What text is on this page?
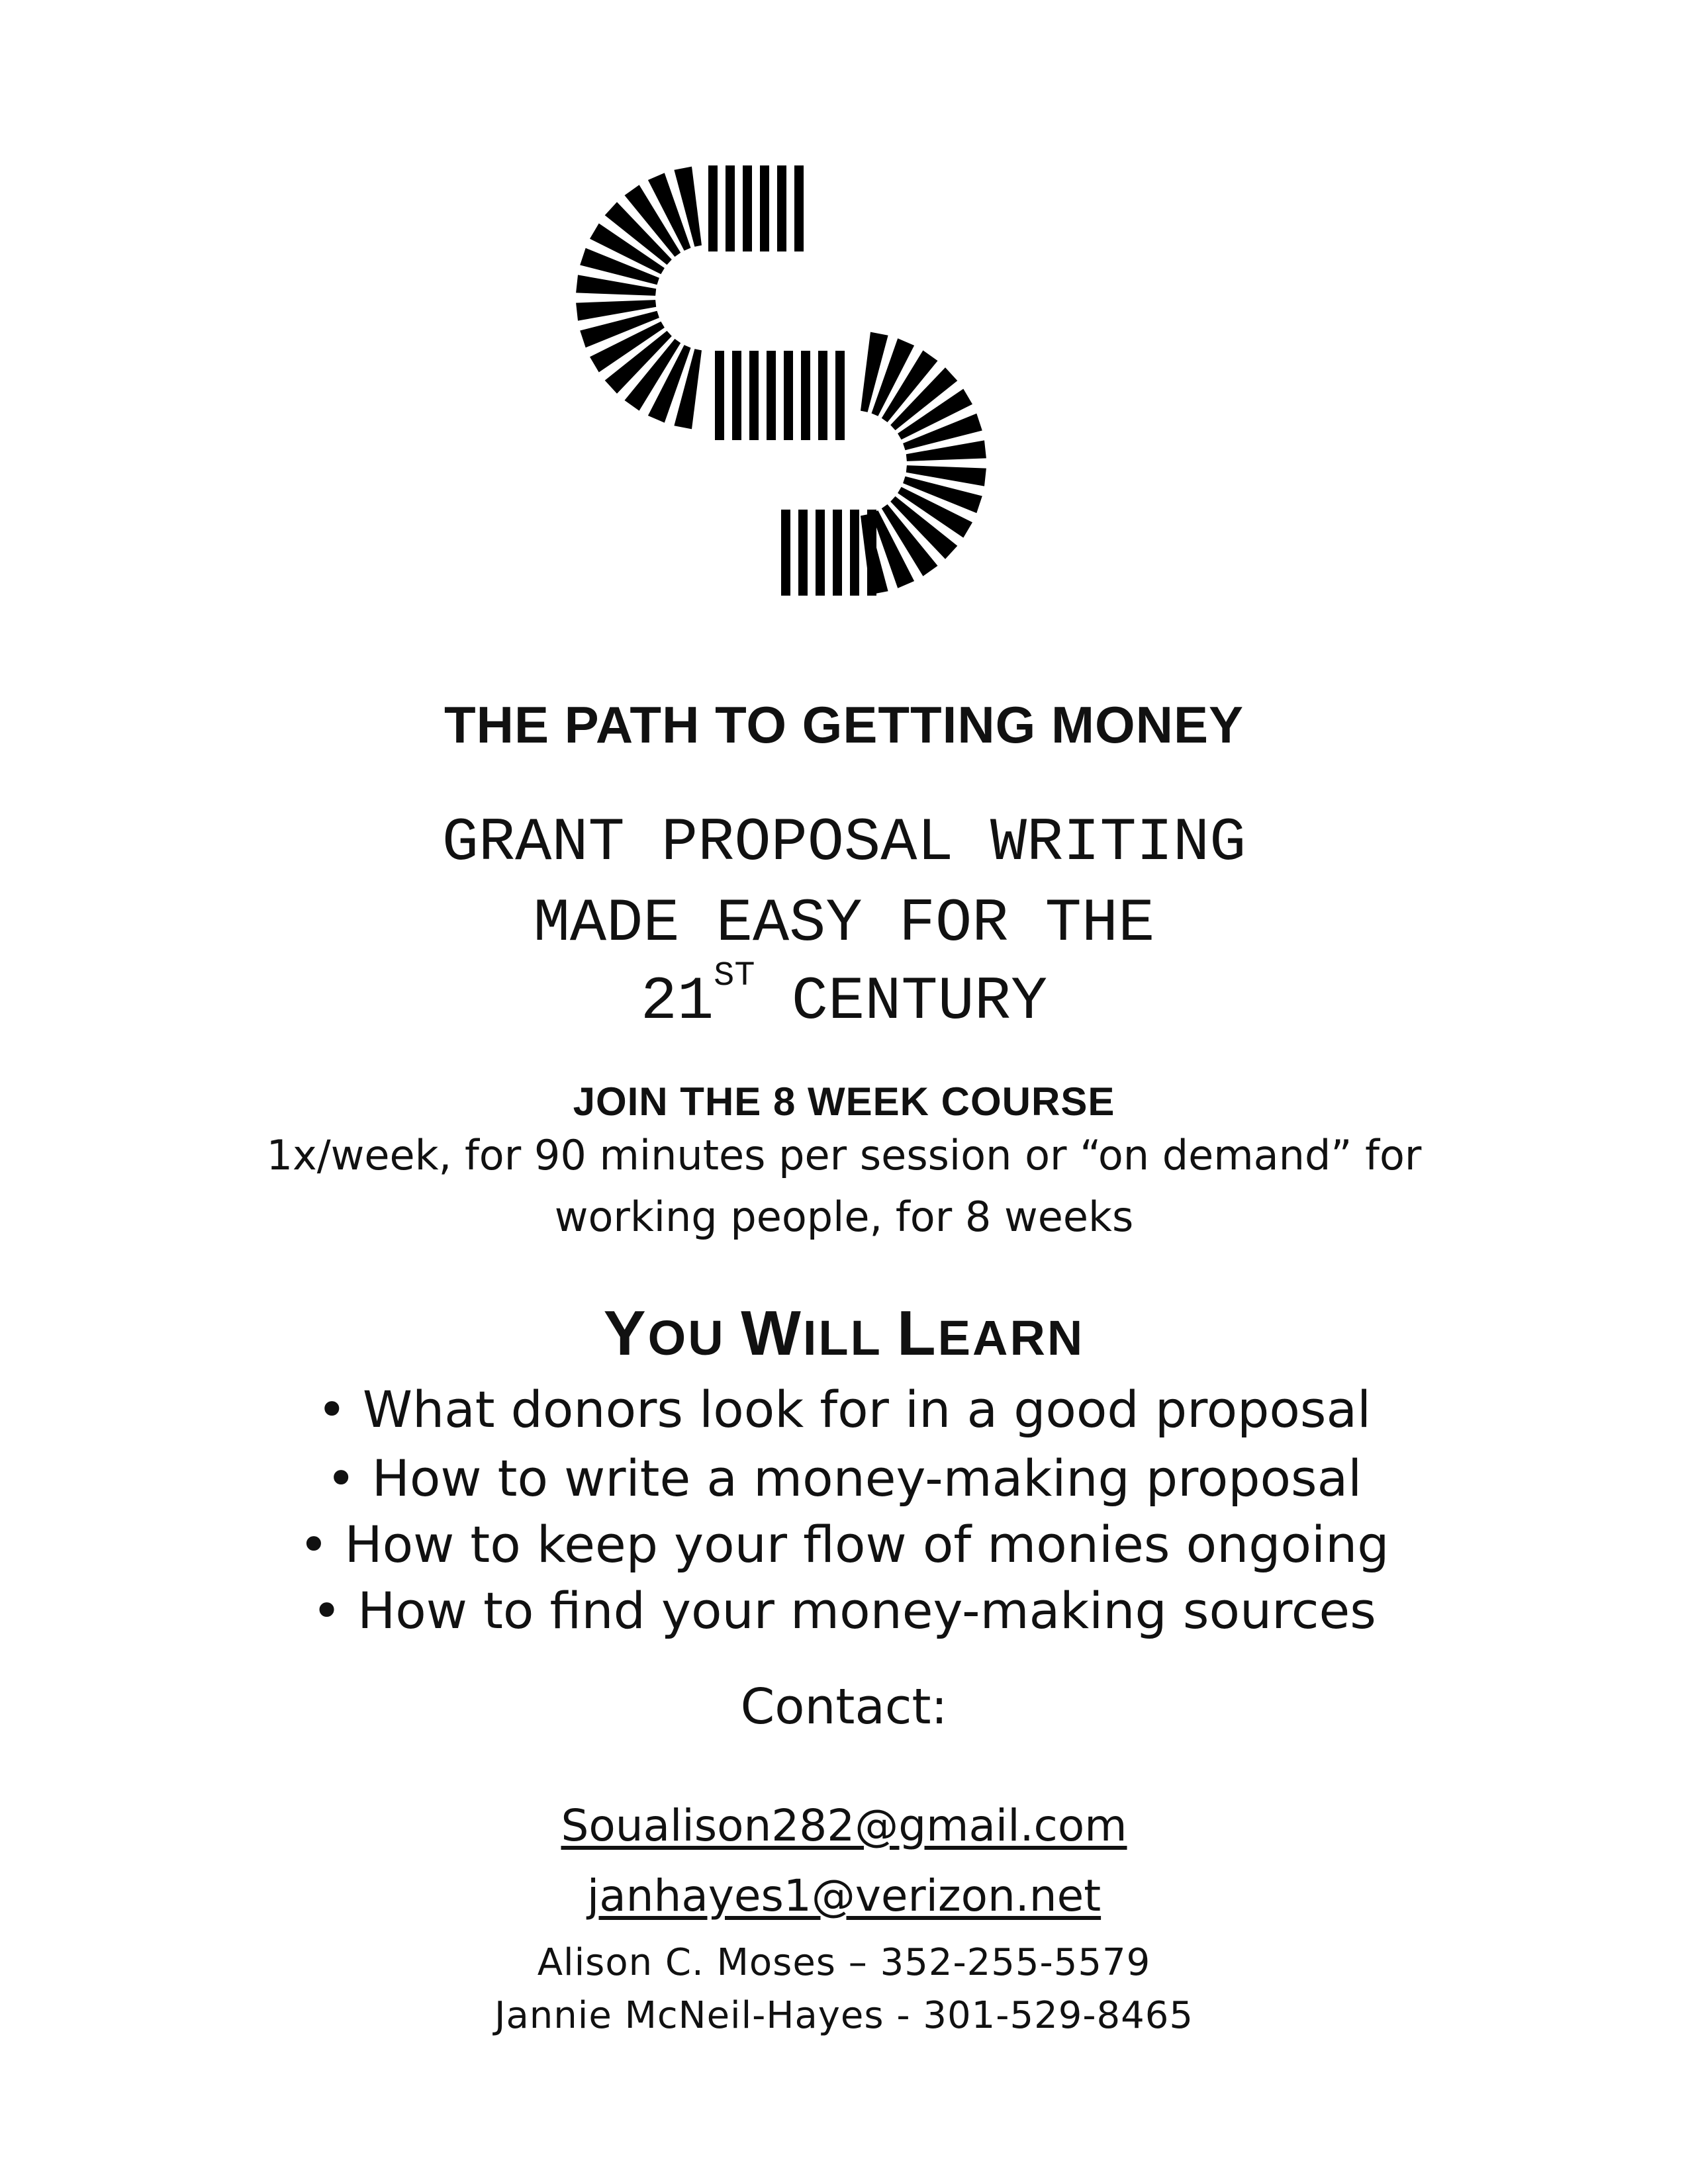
THE PATH TO GETTING MONEY
GRANT PROPOSAL WRITING
MADE EASY FOR THE
21ST CENTURY
JOIN THE 8 WEEK COURSE
1x/week, for 90 minutes per session or “on demand” for
working people, for 8 weeks
YOU WILL LEARN
• What donors look for in a good proposal
• How to write a money-making proposal
• How to keep your flow of monies ongoing
• How to find your money-making sources
Contact:
Soualison282@gmail.com
janhayes1@verizon.net
Alison C. Moses – 352-255-5579
Jannie McNeil-Hayes - 301-529-8465
